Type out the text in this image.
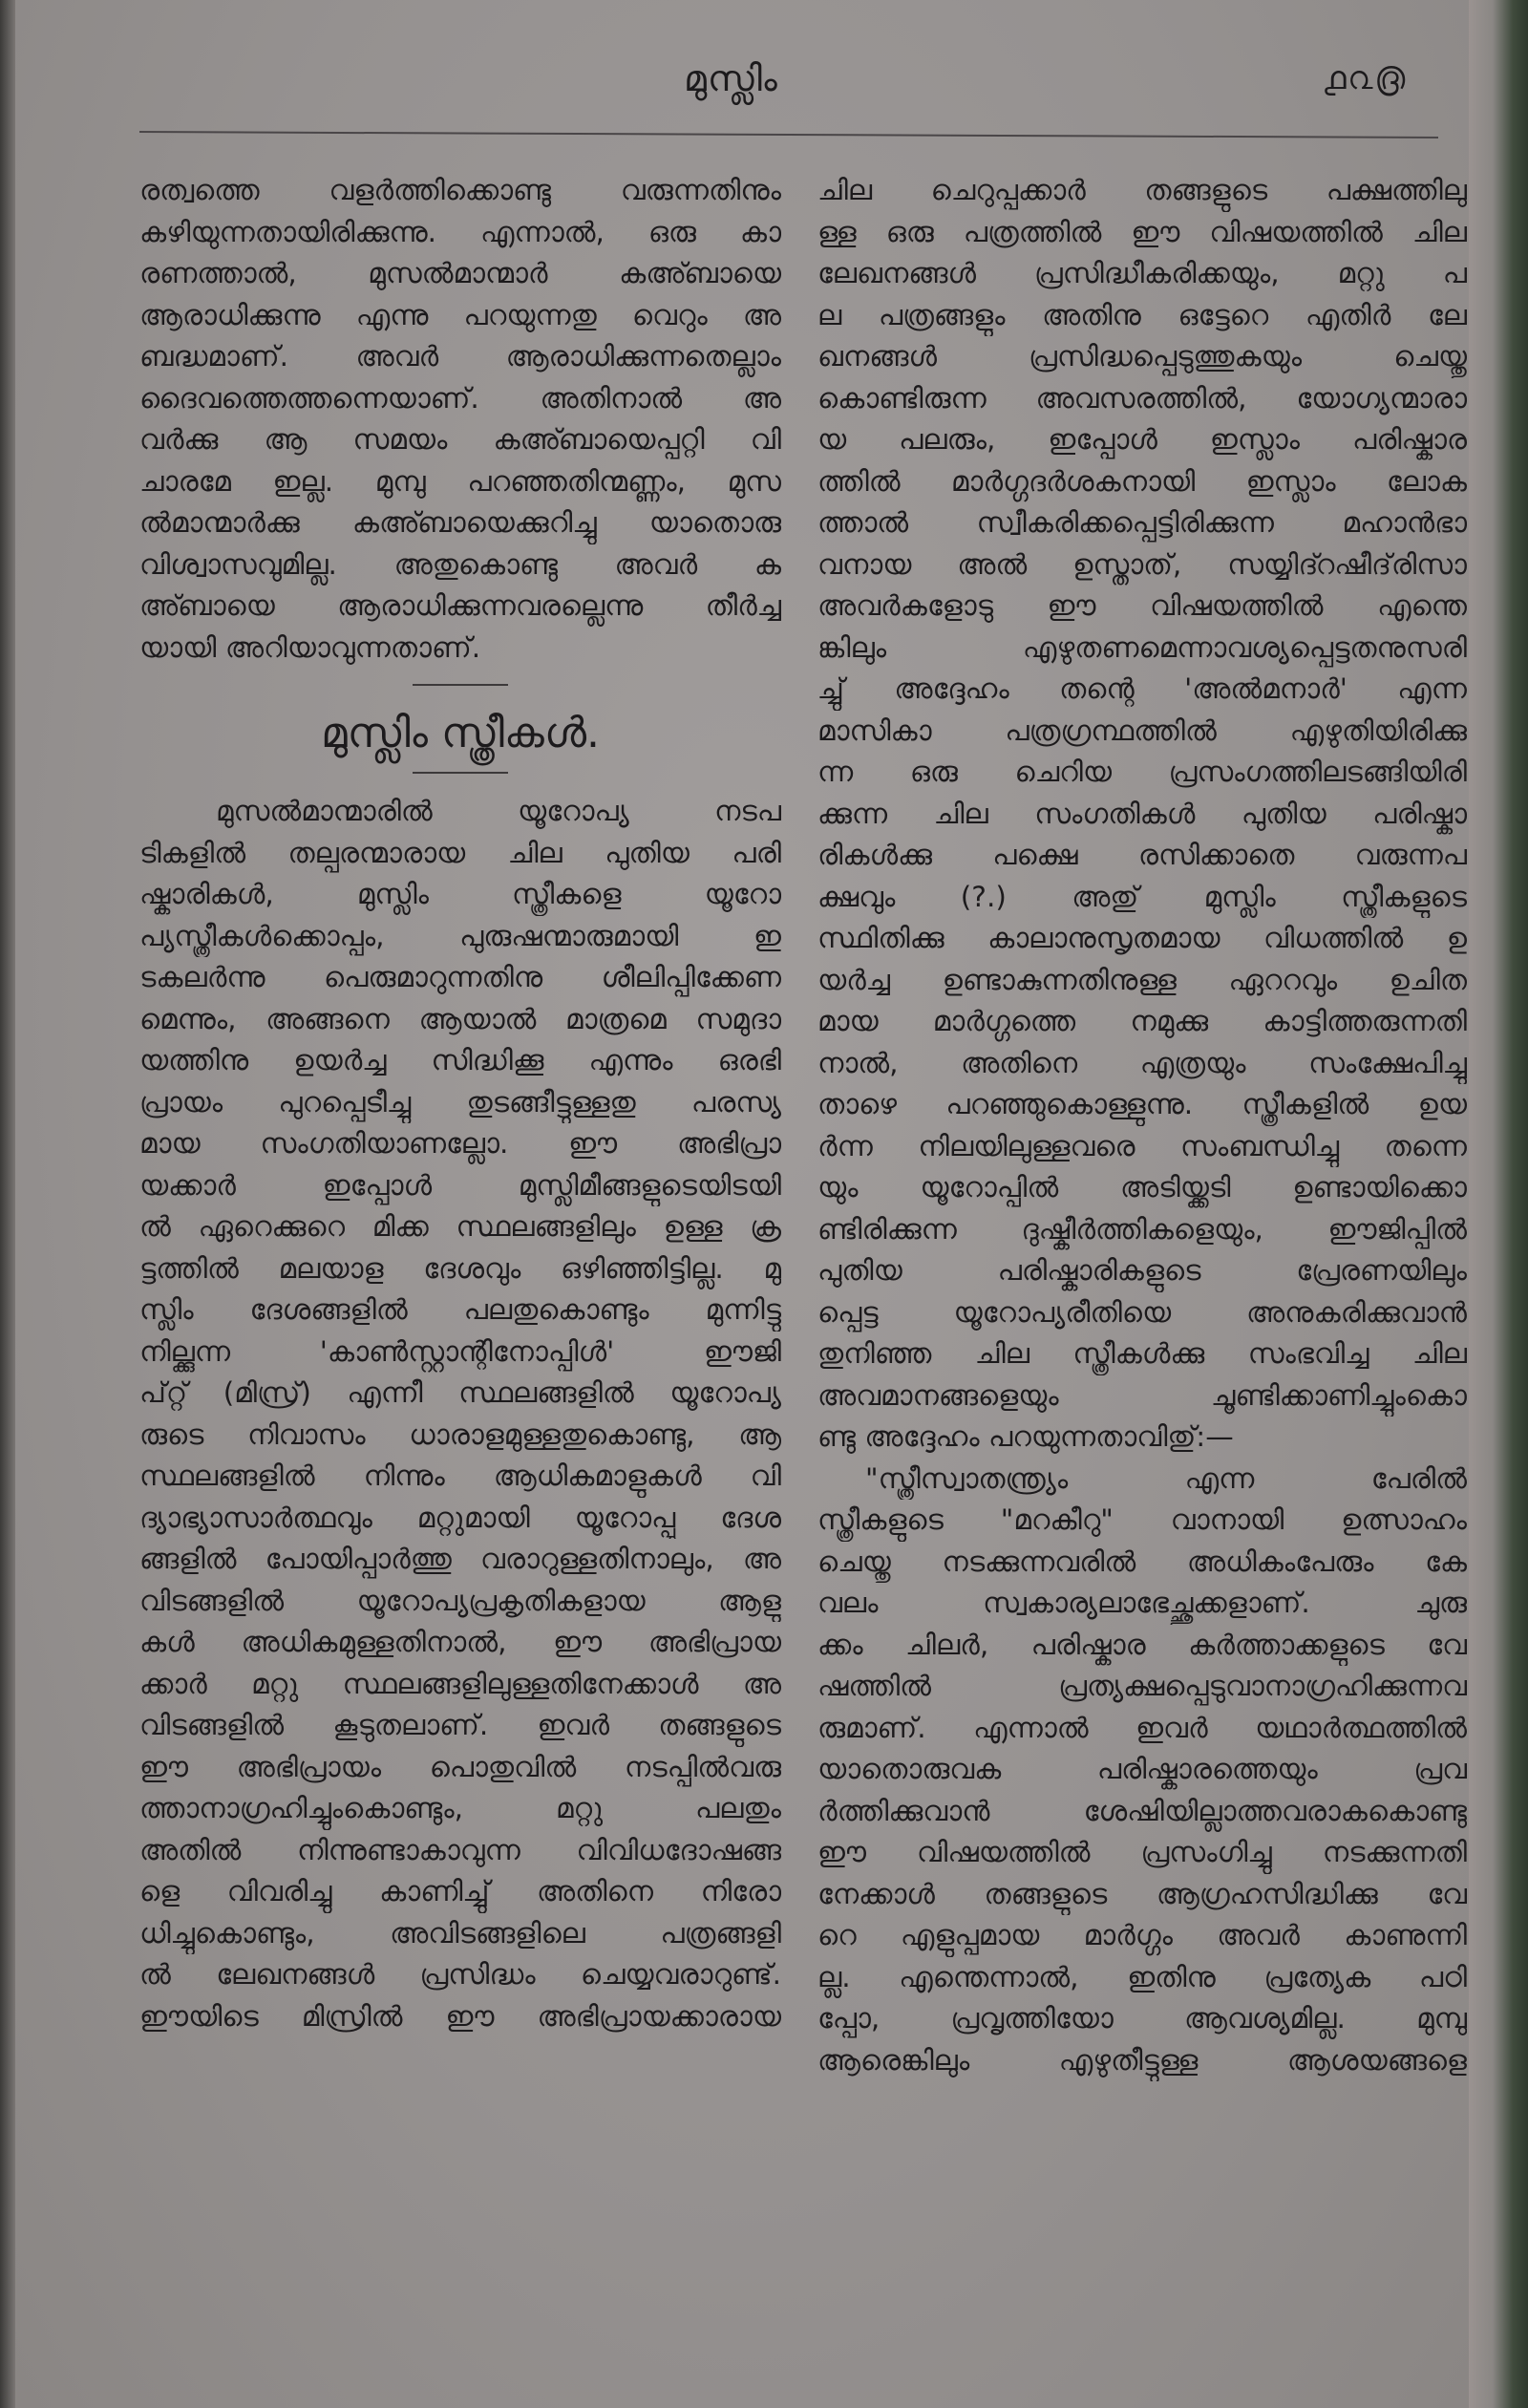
മുസ്ലിം	൧൨൫
രത്വത്തെ വളർത്തിക്കൊണ്ടു വരുന്നതിനും
കഴിയുന്നതായിരിക്കുന്നു. എന്നാൽ, ഒരു കാ
രണത്താൽ, മുസൽമാന്മാർ കഅ്ബായെ
ആരാധിക്കുന്നു എന്നു പറയുന്നതു വെറും അ
ബദ്ധമാണ്. അവർ ആരാധിക്കുന്നതെല്ലാം
ദൈവത്തെത്തന്നെയാണ്. അതിനാൽ അ
വർക്കു ആ സമയം കഅ്ബായെപ്പറ്റി വി
ചാരമേ ഇല്ല. മുമ്പു പറഞ്ഞതിന്മണ്ണം, മുസ
ൽമാന്മാർക്കു കഅ്ബായെക്കുറിച്ചു യാതൊരു
വിശ്വാസവുമില്ല. അതുകൊണ്ടു അവർ ക
അ്ബായെ ആരാധിക്കുന്നവരല്ലെന്നു തീർച്ച
യായി അറിയാവുന്നതാണ്.
മുസ്ലിം സ്ത്രീകൾ.
മുസൽമാന്മാരിൽ യൂറോപ്യ നടപ
ടികളിൽ തല്പരന്മാരായ ചില പുതിയ പരി
ഷ്കാരികൾ, മുസ്ലിം സ്ത്രീകളെ യൂറോ
പ്യസ്ത്രീകൾക്കൊപ്പം, പുരുഷന്മാരുമായി ഇ
ടകലർന്നു പെരുമാറുന്നതിനു ശീലിപ്പിക്കേണ
മെന്നും, അങ്ങനെ ആയാൽ മാത്രമെ സമുദാ
യത്തിനു ഉയർച്ച സിദ്ധിക്കൂ എന്നും ഒരഭി
പ്രായം പുറപ്പെടീച്ചു തുടങ്ങീട്ടുള്ളതു പരസ്യ
മായ സംഗതിയാണല്ലോ. ഈ അഭിപ്രാ
യക്കാർ ഇപ്പോൾ മുസ്ലിമീങ്ങളുടെയിടയി
ൽ ഏറെക്കുറെ മിക്ക സ്ഥലങ്ങളിലും ഉള്ള ക്ര
ട്ടത്തിൽ മലയാള ദേശവും ഒഴിഞ്ഞിട്ടില്ല. മു
സ്ലിം ദേശങ്ങളിൽ പലതുകൊണ്ടും മുന്നിട്ടു
നില്ക്കുന്ന 'കാൺസ്റ്റാന്റിനോപ്പിൾ' ഈജി
പ്റ്റ് (മിസ്ര്) എന്നീ സ്ഥലങ്ങളിൽ യൂറോപ്യ
രുടെ നിവാസം ധാരാളമുള്ളതുകൊണ്ടു, ആ
സ്ഥലങ്ങളിൽ നിന്നും ആധികമാളുകൾ വി
ദ്യാഭ്യാസാർത്ഥവും മറ്റുമായി യൂറോപ്പു ദേശ
ങ്ങളിൽ പോയിപ്പാർത്തു വരാറുള്ളതിനാലും, അ
വിടങ്ങളിൽ യൂറോപ്യപ്രകൃതികളായ ആളു
കൾ അധികമുള്ളതിനാൽ, ഈ അഭിപ്രായ
ക്കാർ മറ്റു സ്ഥലങ്ങളിലുള്ളതിനേക്കാൾ അ
വിടങ്ങളിൽ കൂടുതലാണ്. ഇവർ തങ്ങളുടെ
ഈ അഭിപ്രായം പൊതുവിൽ നടപ്പിൽവരു
ത്താനാഗ്രഹിച്ചുംകൊണ്ടും, മറ്റു പലതും
അതിൽ നിന്നുണ്ടാകാവുന്ന വിവിധദോഷങ്ങ
ളെ വിവരിച്ചു കാണിച്ചു് അതിനെ നിരോ
ധിച്ചുകൊണ്ടും, അവിടങ്ങളിലെ പത്രങ്ങളി
ൽ ലേഖനങ്ങൾ പ്രസിദ്ധം ചെയ്യവരാറുണ്ട്.
ഈയിടെ മിസ്രിൽ ഈ അഭിപ്രായക്കാരായ
ചില ചെറുപ്പക്കാർ തങ്ങളുടെ പക്ഷത്തിലു
ള്ള ഒരു പത്രത്തിൽ ഈ വിഷയത്തിൽ ചില
ലേഖനങ്ങൾ പ്രസിദ്ധീകരിക്കയും, മറ്റു പ
ല പത്രങ്ങളും അതിനു ഒട്ടേറെ എതിർ ലേ
ഖനങ്ങൾ പ്രസിദ്ധപ്പെടുത്തുകയും ചെയ്തു
കൊണ്ടിരുന്ന അവസരത്തിൽ, യോഗ്യന്മാരാ
യ പലരും, ഇപ്പോൾ ഇസ്ലാം പരിഷ്കാര
ത്തിൽ മാർഗ്ഗദർശകനായി ഇസ്ലാം ലോക
ത്താൽ സ്വീകരിക്കപ്പെട്ടിരിക്കുന്ന മഹാൻഭാ
വനായ അൽ ഉസ്താത്, സയ്യിദ്റഷീദ്‌രിസാ
അവർകളോടു ഈ വിഷയത്തിൽ എന്തെ
ങ്കിലും എഴുതണമെന്നാവശ്യപ്പെട്ടതനുസരി
ച്ചു് അദ്ദേഹം തന്റെ 'അൽമനാർ' എന്ന
മാസികാ പത്രഗ്രന്ഥത്തിൽ എഴുതിയിരിക്കു
ന്ന ഒരു ചെറിയ പ്രസംഗത്തിലടങ്ങിയിരി
ക്കുന്ന ചില സംഗതികൾ പുതിയ പരിഷ്കാ
രികൾക്കു പക്ഷെ രസിക്കാതെ വരുന്നപ
ക്ഷവും (?.) അതു് മുസ്ലിം സ്ത്രീകളുടെ
സ്ഥിതിക്കു കാലാനുസൃതമായ വിധത്തിൽ ഉ
യർച്ച ഉണ്ടാകുന്നതിനുള്ള ഏററവും ഉചിത
മായ മാർഗ്ഗത്തെ നമുക്കു കാട്ടിത്തരുന്നതി
നാൽ, അതിനെ എത്രയും സംക്ഷേപിച്ചു
താഴെ പറഞ്ഞുകൊള്ളുന്നു. സ്ത്രീകളിൽ ഉയ
ർന്ന നിലയിലുള്ളവരെ സംബന്ധിച്ചു തന്നെ
യും യൂറോപ്പിൽ അടിയ്ക്കടി ഉണ്ടായിക്കൊ
ണ്ടിരിക്കുന്ന ദുഷ്കീർത്തികളെയും, ഈജിപ്പിൽ
പുതിയ പരിഷ്കാരികളുടെ പ്രേരണയിലും
പ്പെട്ട യൂറോപ്യരീതിയെ അനുകരിക്കുവാൻ
തുനിഞ്ഞ ചില സ്ത്രീകൾക്കു സംഭവിച്ച ചില
അവമാനങ്ങളെയും ചൂണ്ടിക്കാണിച്ചുംകൊ
ണ്ടു അദ്ദേഹം പറയുന്നതാവിതു്:—
"സ്ത്രീസ്വാതന്ത്ര്യം എന്ന പേരിൽ
സ്ത്രീകളുടെ "മറകീറു" വാനായി ഉത്സാഹം
ചെയ്തു നടക്കുന്നവരിൽ അധികംപേരും കേ
വലം സ്വകാര്യലാഭേച്ഛുക്കളാണ്. ചുരു
ക്കം ചിലർ, പരിഷ്കാര കർത്താക്കളുടെ വേ
ഷത്തിൽ പ്രത്യക്ഷപ്പെടുവാനാഗ്രഹിക്കുന്നവ
രുമാണ്. എന്നാൽ ഇവർ യഥാർത്ഥത്തിൽ
യാതൊരുവക പരിഷ്കാരത്തെയും പ്രവ
ർത്തിക്കുവാൻ ശേഷിയില്ലാത്തവരാകകൊണ്ടു
ഈ വിഷയത്തിൽ പ്രസംഗിച്ചു നടക്കുന്നതി
നേക്കാൾ തങ്ങളുടെ ആഗ്രഹസിദ്ധിക്കു വേ
റെ എളുപ്പമായ മാർഗ്ഗം അവർ കാണുന്നി
ല്ല. എന്തെന്നാൽ, ഇതിനു പ്രത്യേക പഠി
പ്പോ, പ്രവൃത്തിയോ ആവശ്യമില്ല. മുമ്പു
ആരെങ്കിലും എഴുതീട്ടുള്ള ആശയങ്ങളെ
